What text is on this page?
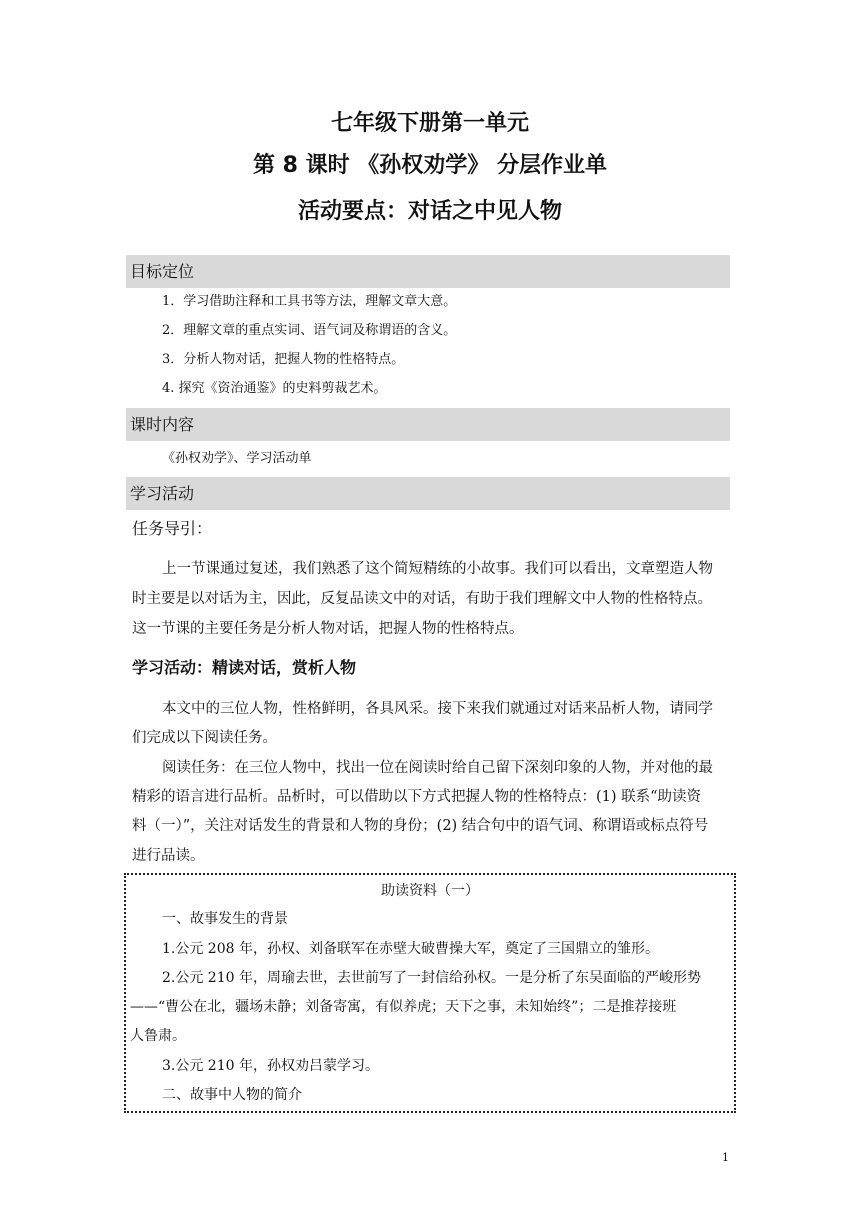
七年级下册第一单元
第 8 课时 《孙权劝学》 分层作业单
活动要点：对话之中见人物
目标定位
1．学习借助注释和工具书等方法，理解文章大意。
2．理解文章的重点实词、语气词及称谓语的含义。
3．分析人物对话，把握人物的性格特点。
4. 探究《资治通鉴》的史料剪裁艺术。
课时内容
《孙权劝学》、学习活动单
学习活动
任务导引：
上一节课通过复述，我们熟悉了这个简短精练的小故事。我们可以看出，文章塑造人物
时主要是以对话为主，因此，反复品读文中的对话，有助于我们理解文中人物的性格特点。
这一节课的主要任务是分析人物对话，把握人物的性格特点。
学习活动：精读对话，赏析人物
本文中的三位人物，性格鲜明，各具风采。接下来我们就通过对话来品析人物，请同学
们完成以下阅读任务。
阅读任务：在三位人物中，找出一位在阅读时给自己留下深刻印象的人物，并对他的最
精彩的语言进行品析。品析时，可以借助以下方式把握人物的性格特点：(1) 联系“助读资
料（一）”，关注对话发生的背景和人物的身份；(2) 结合句中的语气词、称谓语或标点符号
进行品读。
助读资料（一）
一、故事发生的背景
1.公元 208 年，孙权、刘备联军在赤壁大破曹操大军，奠定了三国鼎立的雏形。
2.公元 210 年，周瑜去世，去世前写了一封信给孙权。一是分析了东吴面临的严峻形势
——“曹公在北，疆场未静；刘备寄寓，有似养虎；天下之事，未知始终”；二是推荐接班
人鲁肃。
3.公元 210 年，孙权劝吕蒙学习。
二、故事中人物的简介
1
